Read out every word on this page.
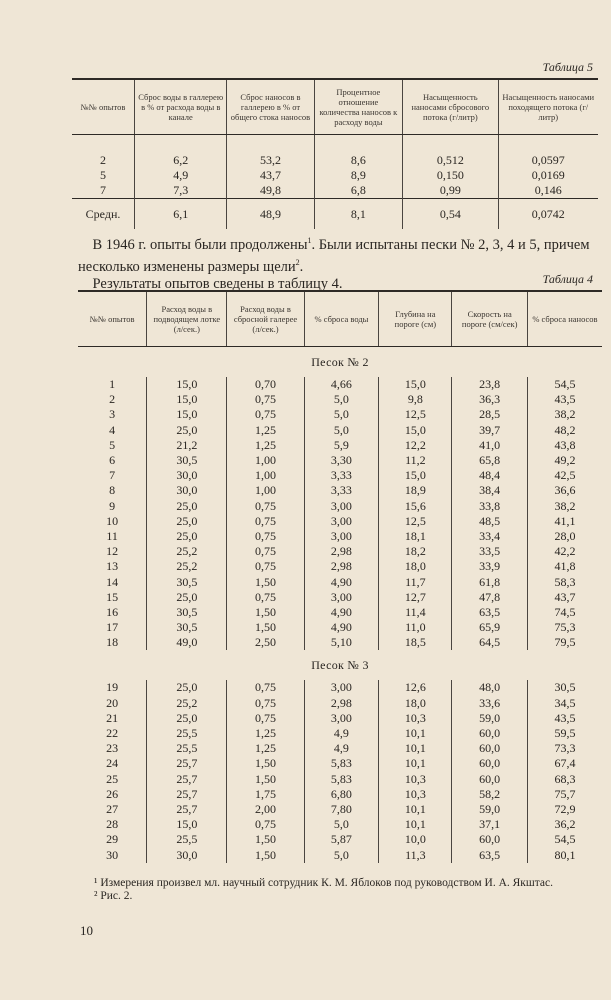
Таблица 5
№№ опытов	Сброс воды в галлерею в % от расхода воды в канале	Сброс наносов в галлерею в % от общего стока наносов	Процентное отношение количества наносов к расходу воды	Насыщенность наносами сбросового потока (г/литр)	Насыщенность наносами походящего потока (г/литр)
2	6,2	53,2	8,6	0,512	0,0597
5	4,9	43,7	8,9	0,150	0,0169
7	7,3	49,8	6,8	0,99	0,146
Средн.	6,1	48,9	8,1	0,54	0,0742
В 1946 г. опыты были продолжены$^1$. Были испытаны пески № 2, 3, 4 и 5, причем несколько изменены размеры щели$^2$.
Результаты опытов сведены в таблицу 4.	Таблица 4
№№ опытов	Расход воды в подводящем лотке (л/сек.)	Расход воды в сбросной галерее (л/сек.)	% сброса воды	Глубина на пороге (см)	Скорость на пороге (см/сек)	% сброса наносов
Песок № 2						
1	15,0	0,70	4,66	15,0	23,8	54,5
2	15,0	0,75	5,0	9,8	36,3	43,5
3	15,0	0,75	5,0	12,5	28,5	38,2
4	25,0	1,25	5,0	15,0	39,7	48,2
5	21,2	1,25	5,9	12,2	41,0	43,8
6	30,5	1,00	3,30	11,2	65,8	49,2
7	30,0	1,00	3,33	15,0	48,4	42,5
8	30,0	1,00	3,33	18,9	38,4	36,6
9	25,0	0,75	3,00	15,6	33,8	38,2
10	25,0	0,75	3,00	12,5	48,5	41,1
11	25,0	0,75	3,00	18,1	33,4	28,0
12	25,2	0,75	2,98	18,2	33,5	42,2
13	25,2	0,75	2,98	18,0	33,9	41,8
14	30,5	1,50	4,90	11,7	61,8	58,3
15	25,0	0,75	3,00	12,7	47,8	43,7
16	30,5	1,50	4,90	11,4	63,5	74,5
17	30,5	1,50	4,90	11,0	65,9	75,3
18	49,0	2,50	5,10	18,5	64,5	79,5
Песок № 3						
19	25,0	0,75	3,00	12,6	48,0	30,5
20	25,2	0,75	2,98	18,0	33,6	34,5
21	25,0	0,75	3,00	10,3	59,0	43,5
22	25,5	1,25	4,9	10,1	60,0	59,5
23	25,5	1,25	4,9	10,1	60,0	73,3
24	25,7	1,50	5,83	10,1	60,0	67,4
25	25,7	1,50	5,83	10,3	60,0	68,3
26	25,7	1,75	6,80	10,3	58,2	75,7
27	25,7	2,00	7,80	10,1	59,0	72,9
28	15,0	0,75	5,0	10,1	37,1	36,2
29	25,5	1,50	5,87	10,0	60,0	54,5
30	30,0	1,50	5,0	11,3	63,5	80,1
¹ Измерения произвел мл. научный сотрудник К. М. Яблоков под руководством И. А. Якштас.
² Рис. 2.
10
